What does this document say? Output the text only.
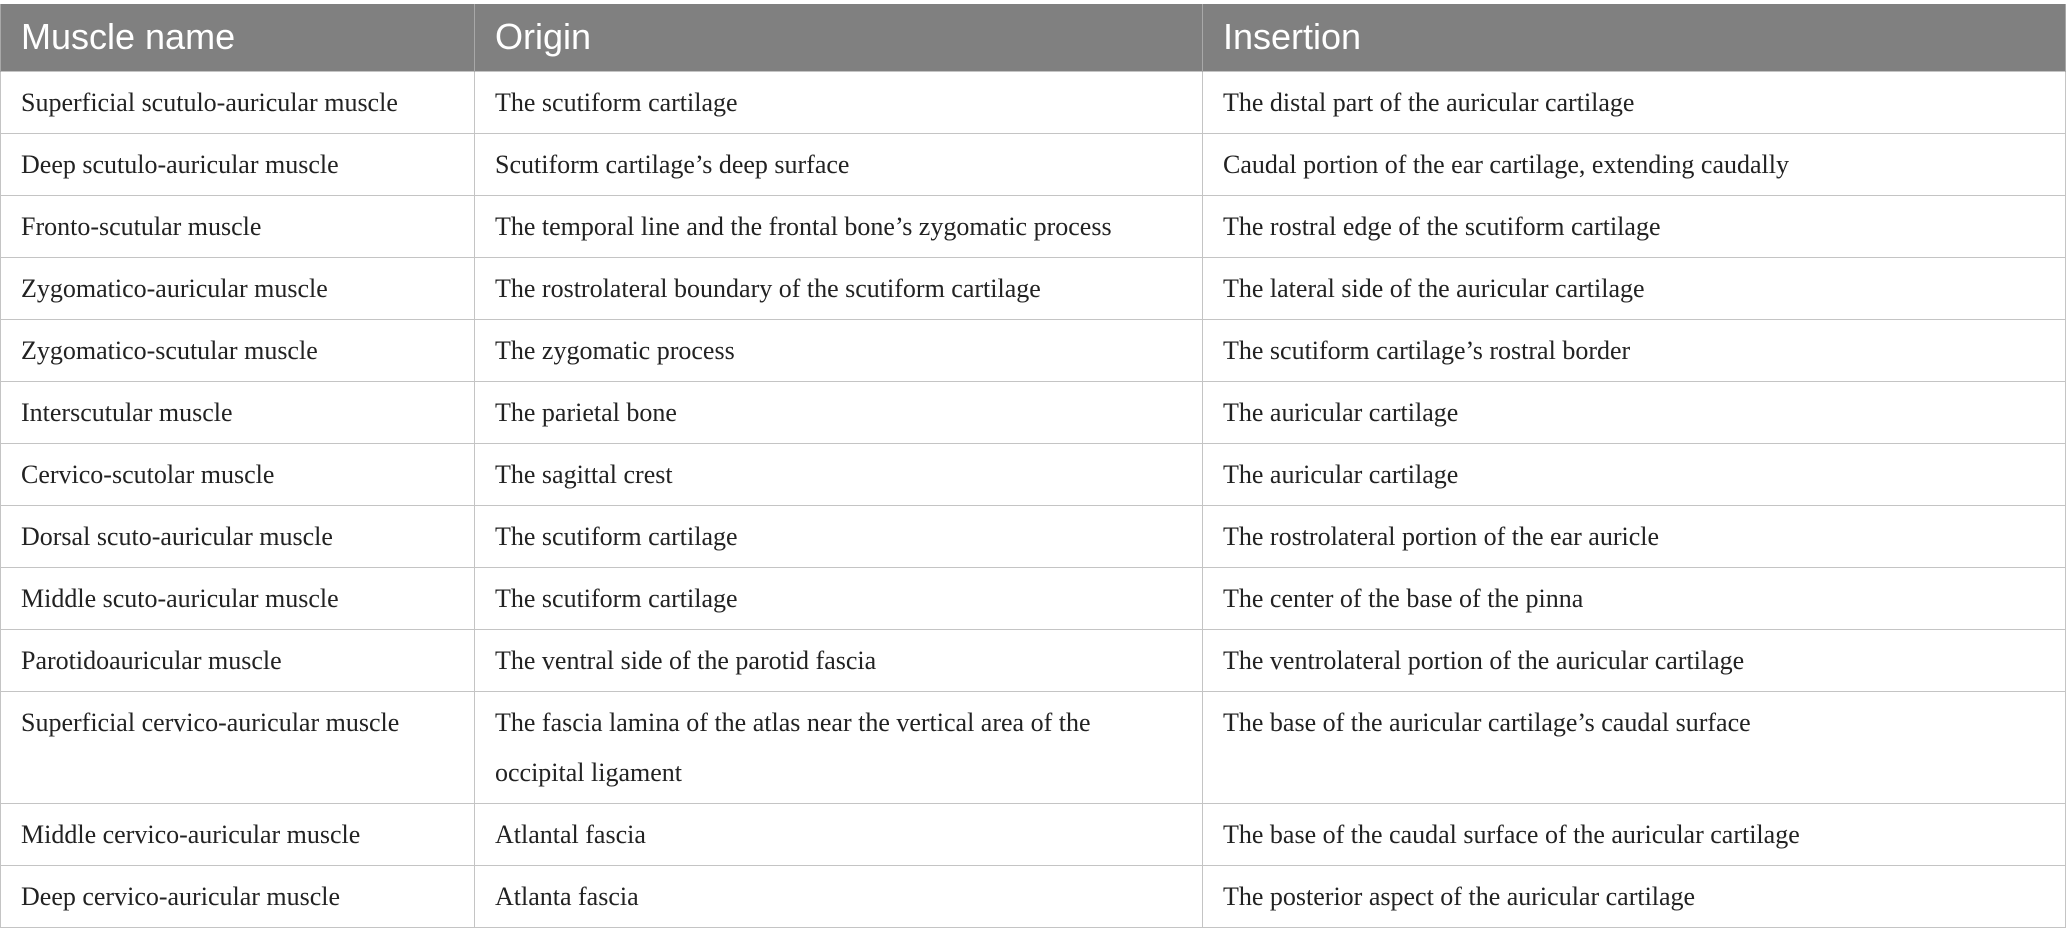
Muscle name	Origin	Insertion
Superficial scutulo-auricular muscle	The scutiform cartilage	The distal part of the auricular cartilage
Deep scutulo-auricular muscle	Scutiform cartilage’s deep surface	Caudal portion of the ear cartilage, extending caudally
Fronto-scutular muscle	The temporal line and the frontal bone’s zygomatic process	The rostral edge of the scutiform cartilage
Zygomatico-auricular muscle	The rostrolateral boundary of the scutiform cartilage	The lateral side of the auricular cartilage
Zygomatico-scutular muscle	The zygomatic process	The scutiform cartilage’s rostral border
Interscutular muscle	The parietal bone	The auricular cartilage
Cervico-scutolar muscle	The sagittal crest	The auricular cartilage
Dorsal scuto-auricular muscle	The scutiform cartilage	The rostrolateral portion of the ear auricle
Middle scuto-auricular muscle	The scutiform cartilage	The center of the base of the pinna
Parotidoauricular muscle	The ventral side of the parotid fascia	The ventrolateral portion of the auricular cartilage
Superficial cervico-auricular muscle	The fascia lamina of the atlas near the vertical area of the occipital ligament	The base of the auricular cartilage’s caudal surface
Middle cervico-auricular muscle	Atlantal fascia	The base of the caudal surface of the auricular cartilage
Deep cervico-auricular muscle	Atlanta fascia	The posterior aspect of the auricular cartilage
